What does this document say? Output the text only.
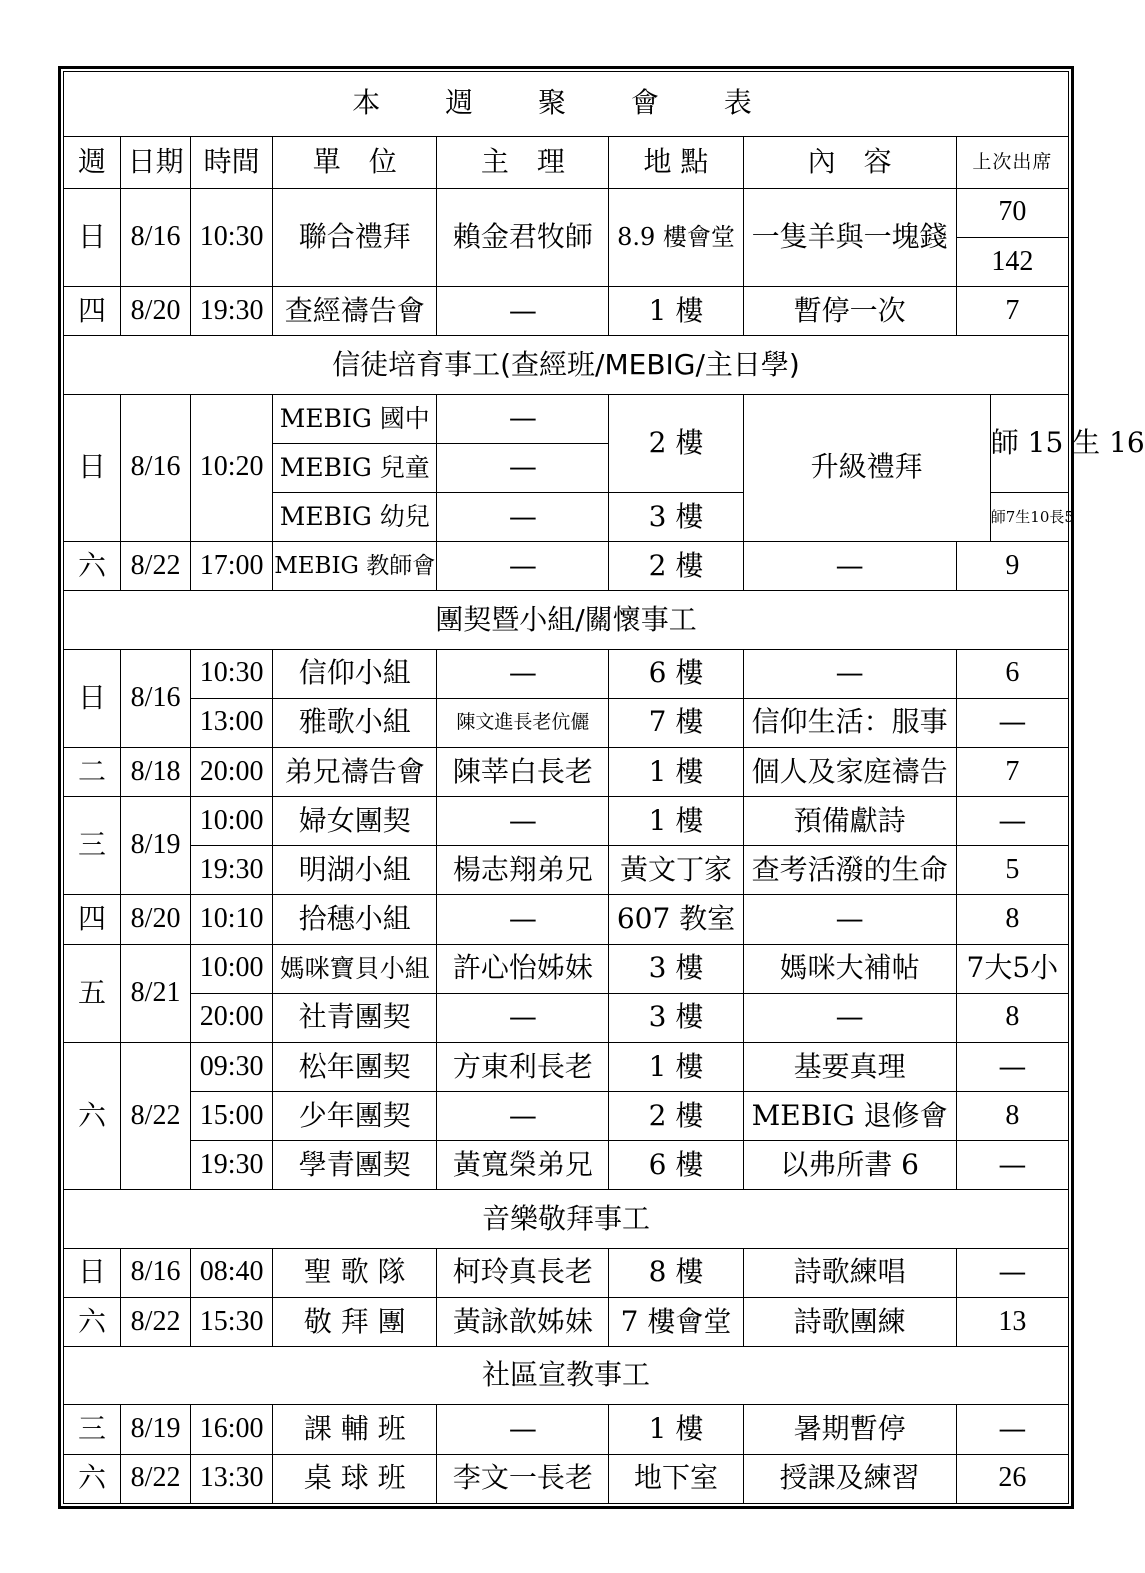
本 週 聚 會 表								
週	日期	時間	單　位	主　理	地 點	內　容	上次出席	
日	8/16	10:30	聯合禮拜	賴金君牧師	8.9 樓會堂	一隻羊與一塊錢	70	
							142	
四	8/20	19:30	查經禱告會	—	1 樓	暫停一次	7	
信徒培育事工(查經班/MEBIG/主日學)								
日	8/16	10:20	MEBIG 國中	—	2 樓	升級禮拜		師 15 生 16
			MEBIG 兒童	—				
			MEBIG 幼兒	—	3 樓			師7生10長5
六	8/22	17:00	MEBIG 教師會	—	2 樓	—	9	
團契暨小組/關懷事工								
日	8/16	10:30	信仰小組	—	6 樓	—	6	
		13:00	雅歌小組	陳文進長老伉儷	7 樓	信仰生活：服事	—	
二	8/18	20:00	弟兄禱告會	陳莘白長老	1 樓	個人及家庭禱告	7	
三	8/19	10:00	婦女團契	—	1 樓	預備獻詩	—	
		19:30	明湖小組	楊志翔弟兄	黃文丁家	查考活潑的生命	5	
四	8/20	10:10	拾穗小組	—	607 教室	—	8	
五	8/21	10:00	媽咪寶貝小組	許心怡姊妹	3 樓	媽咪大補帖	7大5小	
		20:00	社青團契	—	3 樓	—	8	
六	8/22	09:30	松年團契	方東利長老	1 樓	基要真理	—	
		15:00	少年團契	—	2 樓	MEBIG 退修會	8	
		19:30	學青團契	黃寬榮弟兄	6 樓	以弗所書 6	—	
音樂敬拜事工								
日	8/16	08:40	聖 歌 隊	柯玲真長老	8 樓	詩歌練唱	—	
六	8/22	15:30	敬 拜 團	黃詠歆姊妹	7 樓會堂	詩歌團練	13	
社區宣教事工								
三	8/19	16:00	課 輔 班	—	1 樓	暑期暫停	—	
六	8/22	13:30	桌 球 班	李文一長老	地下室	授課及練習	26	
